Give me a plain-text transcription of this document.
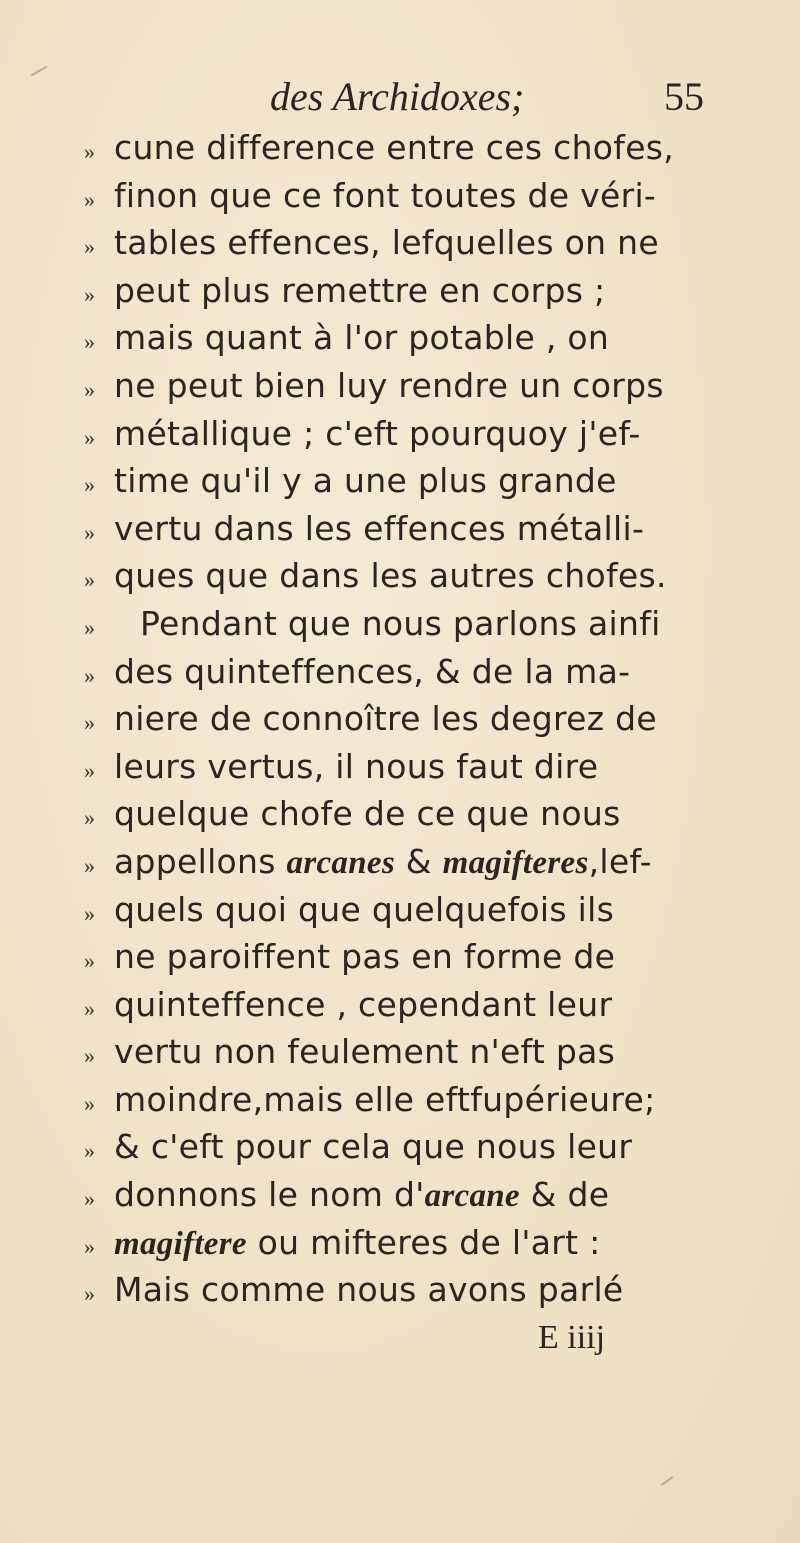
des Archidoxes;	55
» cune difference entre ces chofes,
» finon que ce font toutes de véri-
» tables effences, lefquelles on ne
» peut plus remettre en corps ;
» mais quant à l'or potable , on
» ne peut bien luy rendre un corps
» métallique ; c'eft pourquoy j'ef-
» time qu'il y a une plus grande
» vertu dans les effences métalli-
» ques que dans les autres chofes.
»	Pendant que nous parlons ainfi
» des quinteffences, & de la ma-
» niere de connoître les degrez de
» leurs vertus, il nous faut dire
» quelque chofe de ce que nous
» appellons arcanes & magifteres,lef-
» quels quoi que quelquefois ils
» ne paroiffent pas en forme de
» quinteffence , cependant leur
» vertu non feulement n'eft pas
» moindre,mais elle eftfupérieure;
» & c'eft pour cela que nous leur
» donnons le nom d'arcane & de
» magiftere ou mifteres de l'art :
» Mais comme nous avons parlé
E iiij
